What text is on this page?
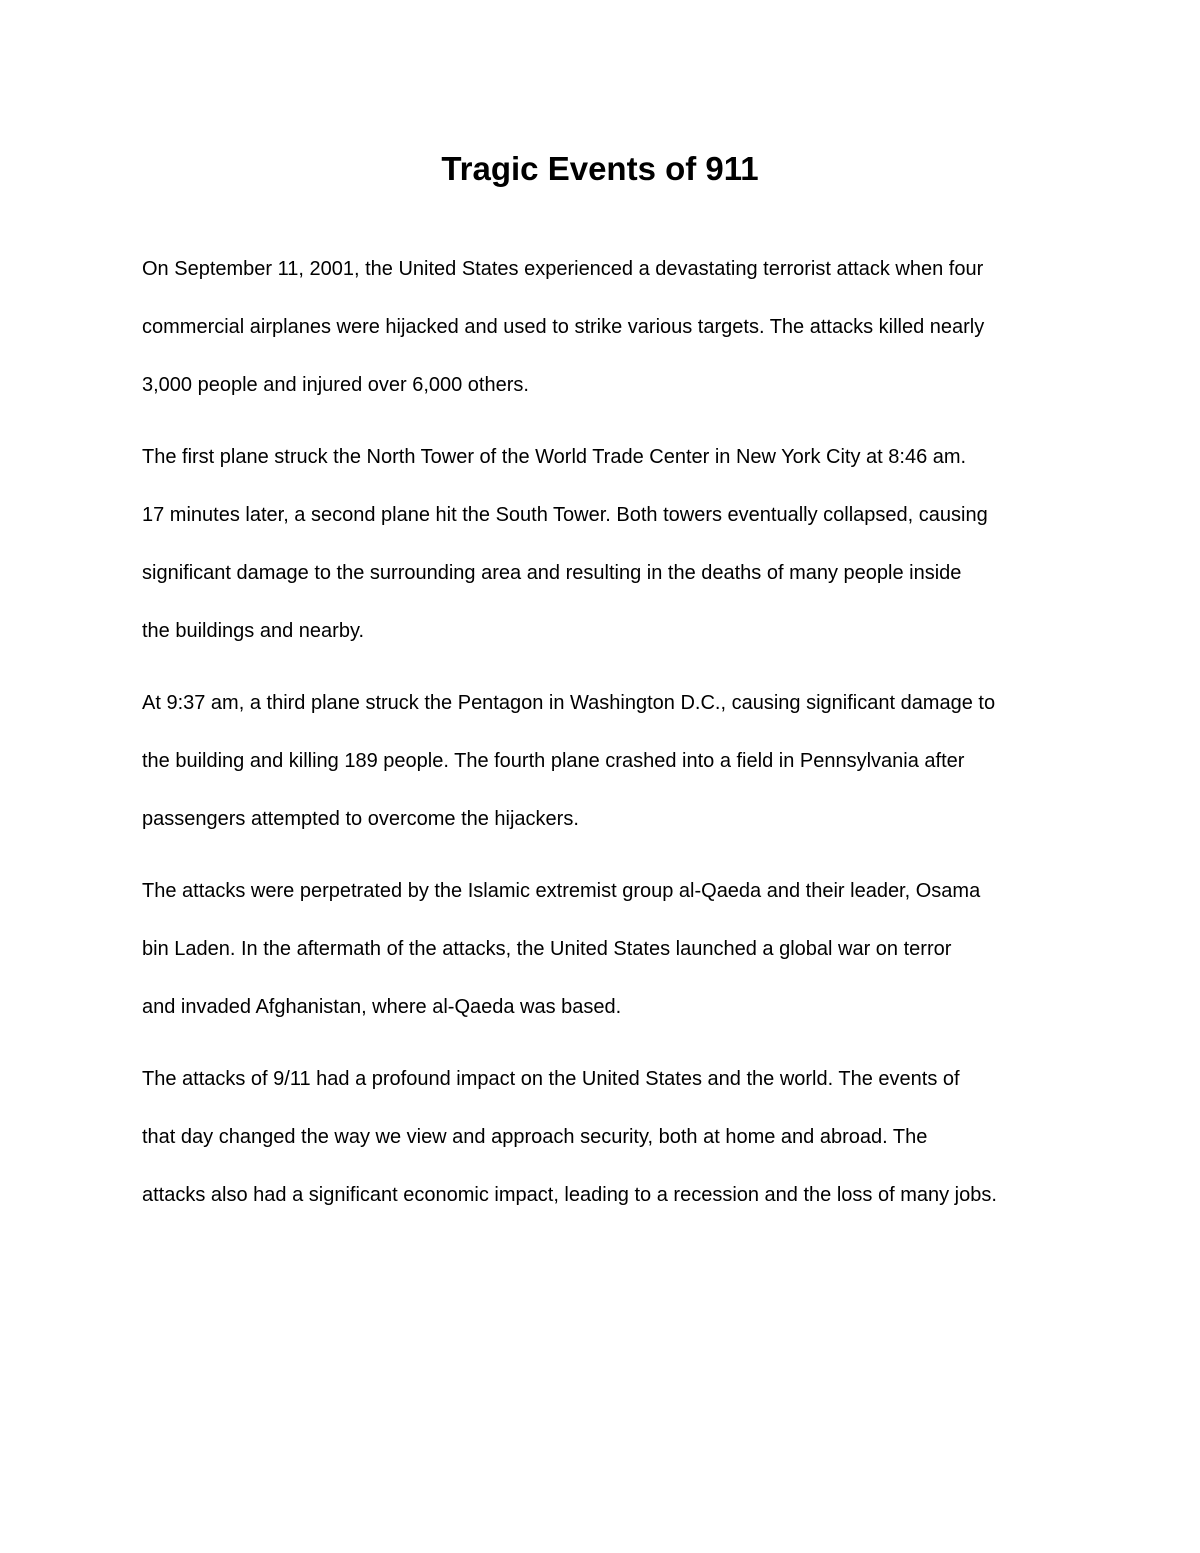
Tragic Events of 911

On September 11, 2001, the United States experienced a devastating terrorist attack when four
commercial airplanes were hijacked and used to strike various targets. The attacks killed nearly
3,000 people and injured over 6,000 others.

The first plane struck the North Tower of the World Trade Center in New York City at 8:46 am.
17 minutes later, a second plane hit the South Tower. Both towers eventually collapsed, causing
significant damage to the surrounding area and resulting in the deaths of many people inside
the buildings and nearby.

At 9:37 am, a third plane struck the Pentagon in Washington D.C., causing significant damage to
the building and killing 189 people. The fourth plane crashed into a field in Pennsylvania after
passengers attempted to overcome the hijackers.

The attacks were perpetrated by the Islamic extremist group al-Qaeda and their leader, Osama
bin Laden. In the aftermath of the attacks, the United States launched a global war on terror
and invaded Afghanistan, where al-Qaeda was based.

The attacks of 9/11 had a profound impact on the United States and the world. The events of
that day changed the way we view and approach security, both at home and abroad. The
attacks also had a significant economic impact, leading to a recession and the loss of many jobs.
